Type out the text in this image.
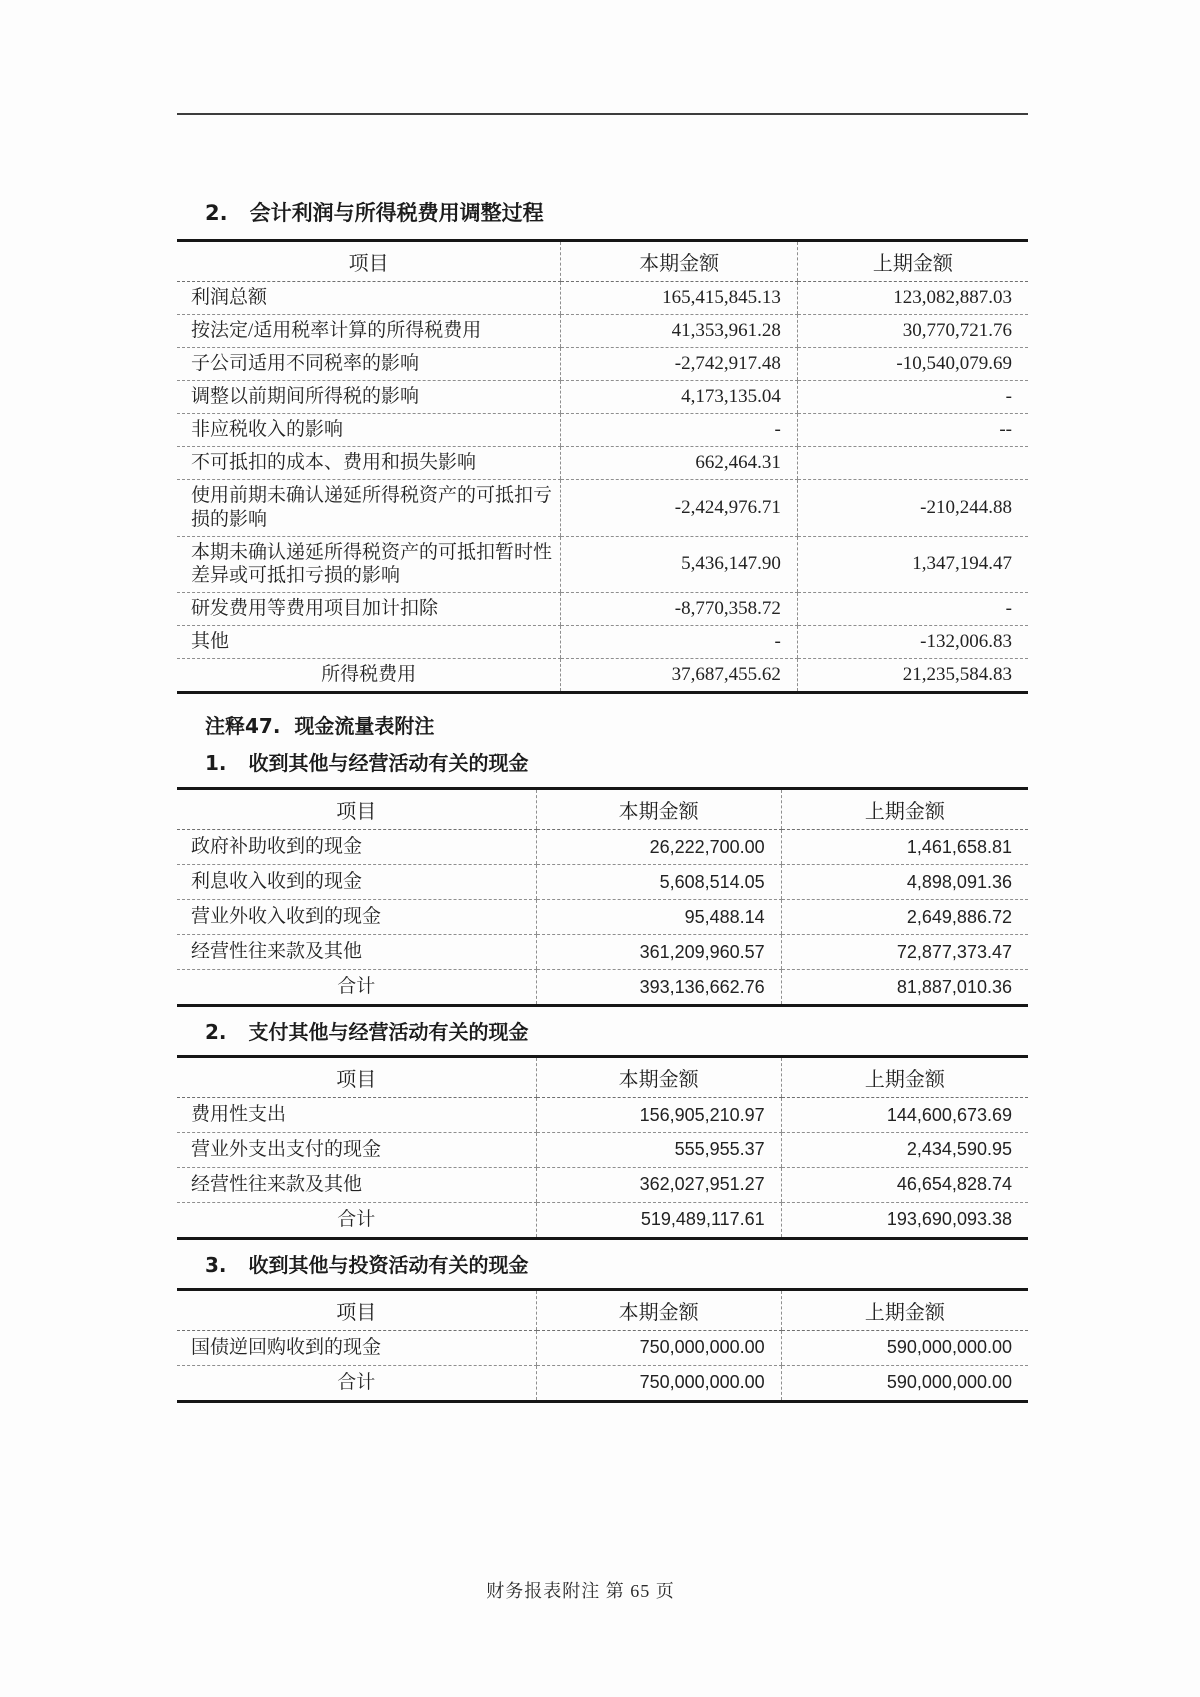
2. 会计利润与所得税费用调整过程
项目	本期金额	上期金额
利润总额	165,415,845.13	123,082,887.03
按法定/适用税率计算的所得税费用	41,353,961.28	30,770,721.76
子公司适用不同税率的影响	-2,742,917.48	-10,540,079.69
调整以前期间所得税的影响	4,173,135.04	-
非应税收入的影响	-	--
不可抵扣的成本、费用和损失影响	662,464.31	
使用前期未确认递延所得税资产的可抵扣亏损的影响	-2,424,976.71	-210,244.88
本期未确认递延所得税资产的可抵扣暂时性差异或可抵扣亏损的影响	5,436,147.90	1,347,194.47
研发费用等费用项目加计扣除	-8,770,358.72	-
其他	-	-132,006.83
所得税费用	37,687,455.62	21,235,584.83
注释47. 现金流量表附注
1. 收到其他与经营活动有关的现金
项目	本期金额	上期金额
政府补助收到的现金	26,222,700.00	1,461,658.81
利息收入收到的现金	5,608,514.05	4,898,091.36
营业外收入收到的现金	95,488.14	2,649,886.72
经营性往来款及其他	361,209,960.57	72,877,373.47
合计	393,136,662.76	81,887,010.36
2. 支付其他与经营活动有关的现金
项目	本期金额	上期金额
费用性支出	156,905,210.97	144,600,673.69
营业外支出支付的现金	555,955.37	2,434,590.95
经营性往来款及其他	362,027,951.27	46,654,828.74
合计	519,489,117.61	193,690,093.38
3. 收到其他与投资活动有关的现金
项目	本期金额	上期金额
国债逆回购收到的现金	750,000,000.00	590,000,000.00
合计	750,000,000.00	590,000,000.00
财务报表附注 第 65 页
